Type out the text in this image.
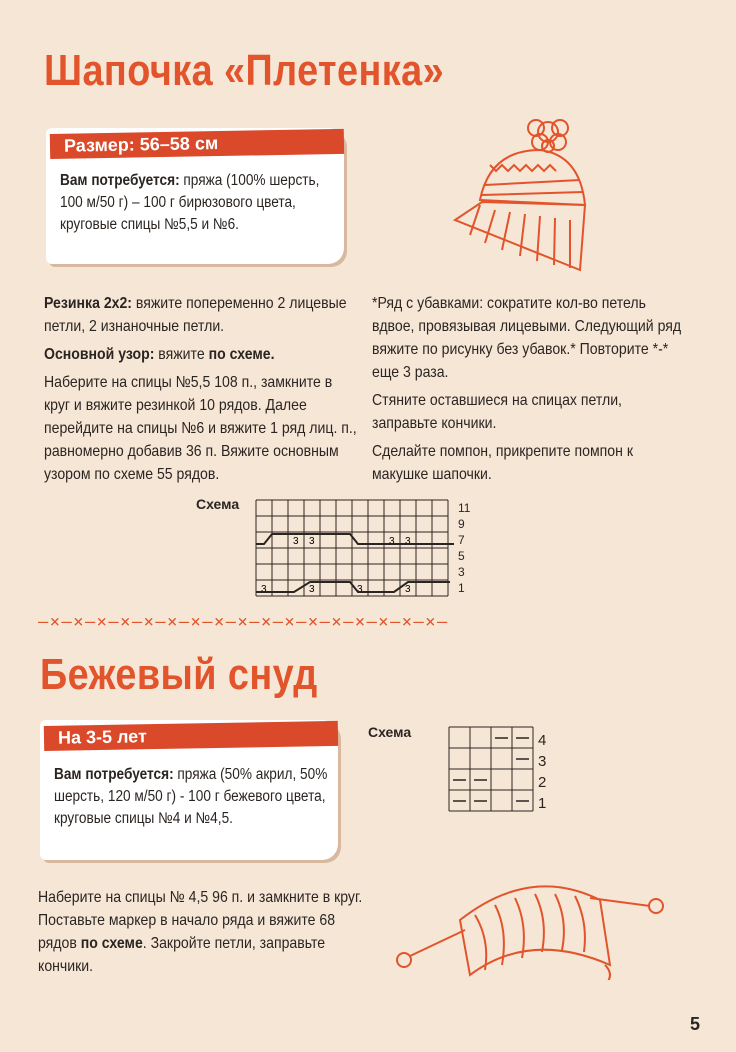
Шапочка «Плетенка»
Размер: 56–58 см
Вам потребуется: пряжа (100% шерсть, 100 м/50 г) – 100 г бирюзового цвета, круговые спицы №5,5 и №6.

Резинка 2х2: вяжите попеременно 2 лицевые петли, 2 изнаночные петли.

Основной узор: вяжите по схеме.

Наберите на спицы №5,5 108 п., замкните в круг и вяжите резинкой 10 рядов. Далее перейдите на спицы №6 и вяжите 1 ряд лиц. п., равномерно добавив 36 п. Вяжите основным узором по схеме 55 рядов.

*Ряд с убавками: сократите кол-во петель вдвое, провязывая лицевыми. Следующий ряд вяжите по рисунку без убавок.* Повторите *-* еще 3 раза.

Стяните оставшиеся на спицах петли, заправьте кончики.

Сделайте помпон, прикрепите помпон к макушке шапочки.

Схема
3 3	3 3
3	3	3	3
11
9
7
5
3
1
–×–×–×–×–×–×–×–×–×–×–×–×–×–×–×–×–×–
Бежевый снуд
На 3-5 лет
Вам потребуется: пряжа (50% акрил, 50% шерсть, 120 м/50 г) - 100 г бежевого цвета, круговые спицы №4 и №4,5.
Схема	4
3
2
1

Наберите на спицы № 4,5 96 п. и замкните в круг. Поставьте маркер в начало ряда и вяжите 68 рядов по схеме. Закройте петли, заправьте кончики.

5
